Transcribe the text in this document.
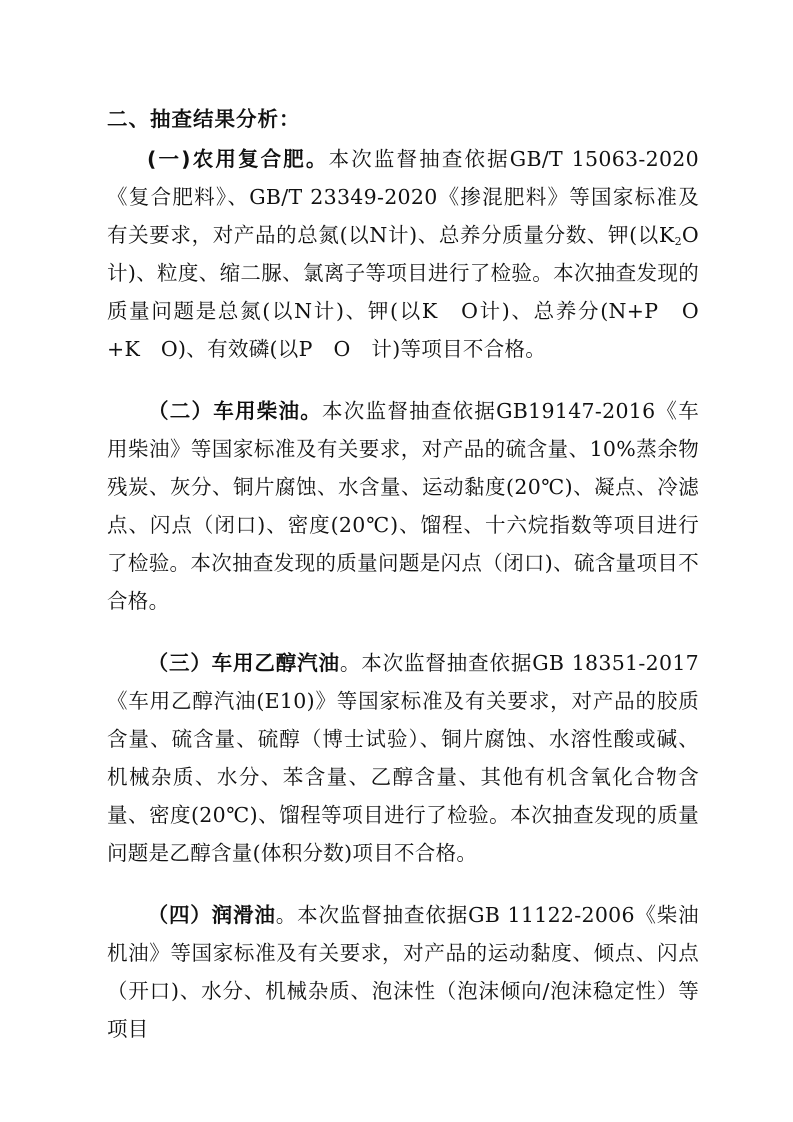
二、抽查结果分析：
(一)农用复合肥。本次监督抽查依据GB/T 15063-2020《复合肥料》、GB/T 23349-2020《掺混肥料》等国家标准及有关要求，对产品的总氮(以N计)、总养分质量分数、钾(以$K_2O$计)、粒度、缩二脲、氯离子等项目进行了检验。本次抽查发现的质量问题是总氮(以N计)、钾(以K　O计)、总养分(N+P　O　+K　O)、有效磷(以P　O　计)等项目不合格。
（二）车用柴油。本次监督抽查依据GB19147-2016《车用柴油》等国家标准及有关要求，对产品的硫含量、10%蒸余物残炭、灰分、铜片腐蚀、水含量、运动黏度(20℃)、凝点、冷滤点、闪点（闭口)、密度(20℃)、馏程、十六烷指数等项目进行了检验。本次抽查发现的质量问题是闪点（闭口)、硫含量项目不合格。
（三）车用乙醇汽油。本次监督抽查依据GB 18351-2017《车用乙醇汽油(E10)》等国家标准及有关要求，对产品的胶质含量、硫含量、硫醇（博士试验）、铜片腐蚀、水溶性酸或碱、机械杂质、水分、苯含量、乙醇含量、其他有机含氧化合物含量、密度(20℃)、馏程等项目进行了检验。本次抽查发现的质量问题是乙醇含量(体积分数)项目不合格。
（四）润滑油。本次监督抽查依据GB 11122-2006《柴油机油》等国家标准及有关要求，对产品的运动黏度、倾点、闪点（开口)、水分、机械杂质、泡沫性（泡沫倾向/泡沫稳定性）等项目
